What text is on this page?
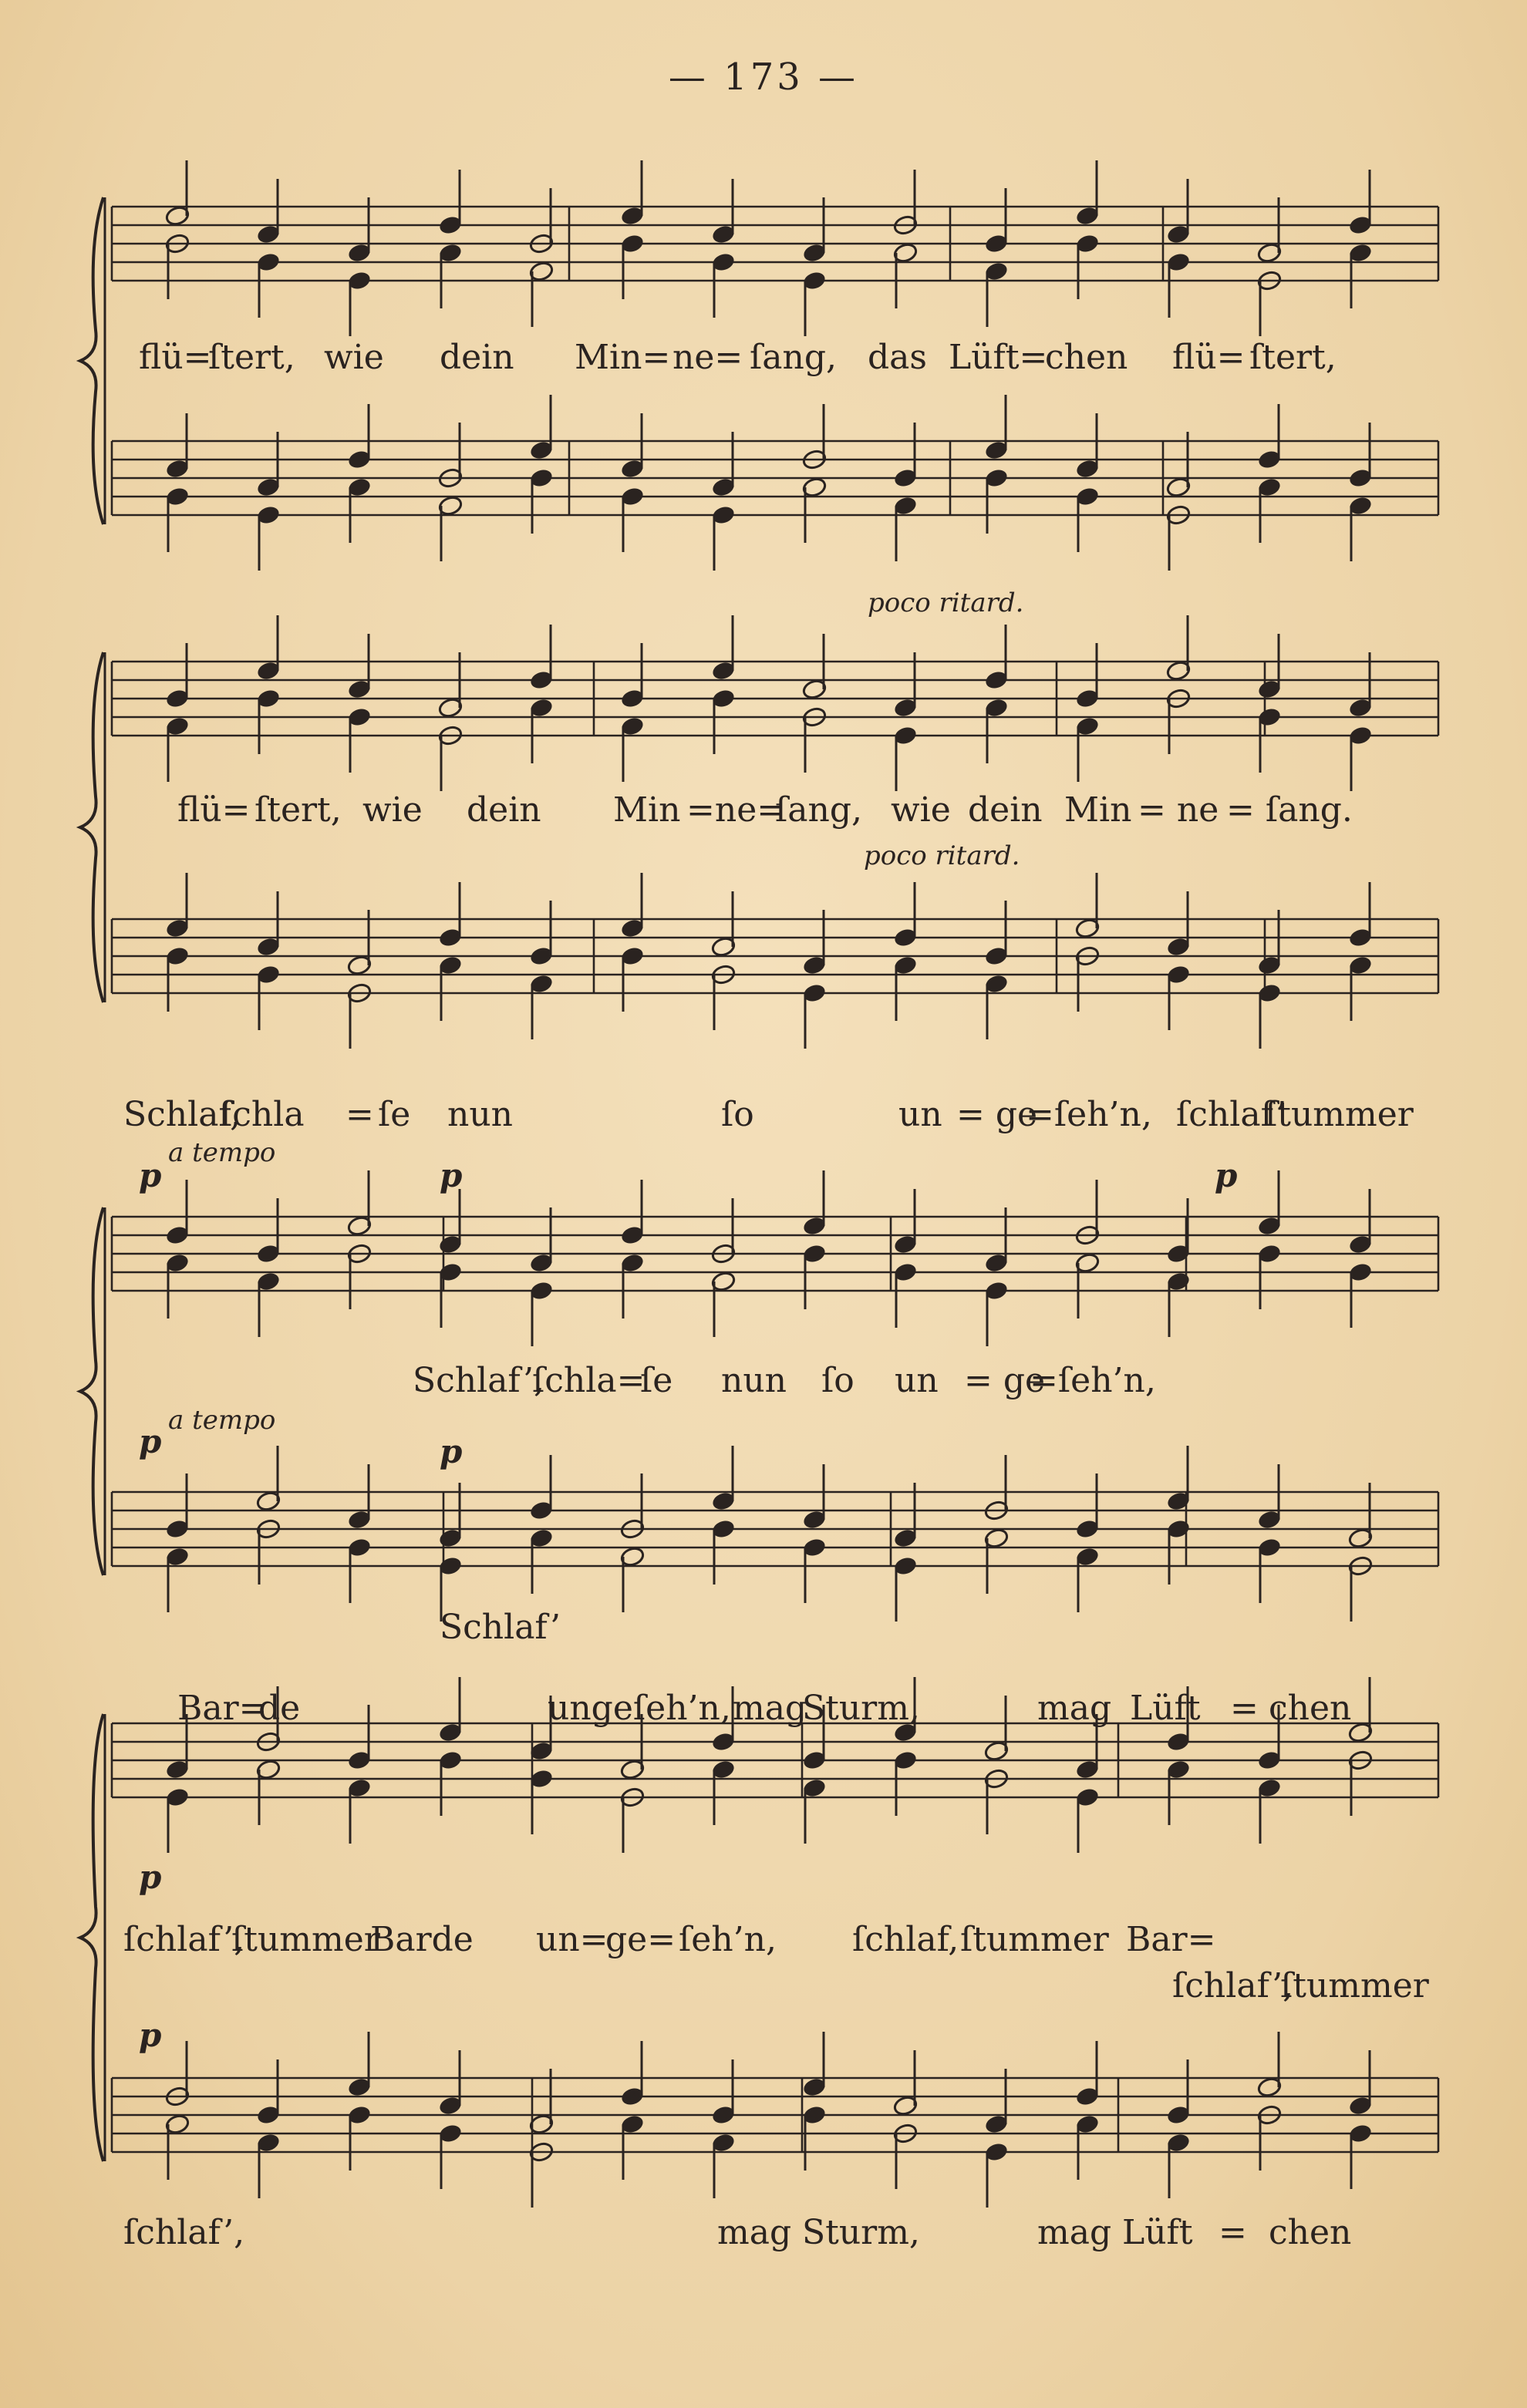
— 173 —
flü=
ſtert, wie dein Min= ne= ſang, das Lüft=
chen flü= ſtert,
poco ritard.
flü= ſtert, wie dein Min =ne=
ſang, wie dein Min = ne = ſang.
poco ritard.
Schlaf,
ſchla = ſe nun	ſo	un = ge
=ſeh’n, ſchlaf’
ſtummer
p
a tempo
p	p
Schlaf’,
ſchla=
ſe nun ſo un = ge
=ſeh’n,
p
a tempo
p
Schlaf’
Bar=
de	ungeſeh’n, mag
Sturm,	mag Lüft = chen
p
ſchlaf’,
ſtummer
Barde un=
ge= ſeh’n, ſchlaf, ſtummer Bar=
ſchlaf’,
ſtummer
p
ſchlaf’,	mag Sturm,	mag Lüft = chen
